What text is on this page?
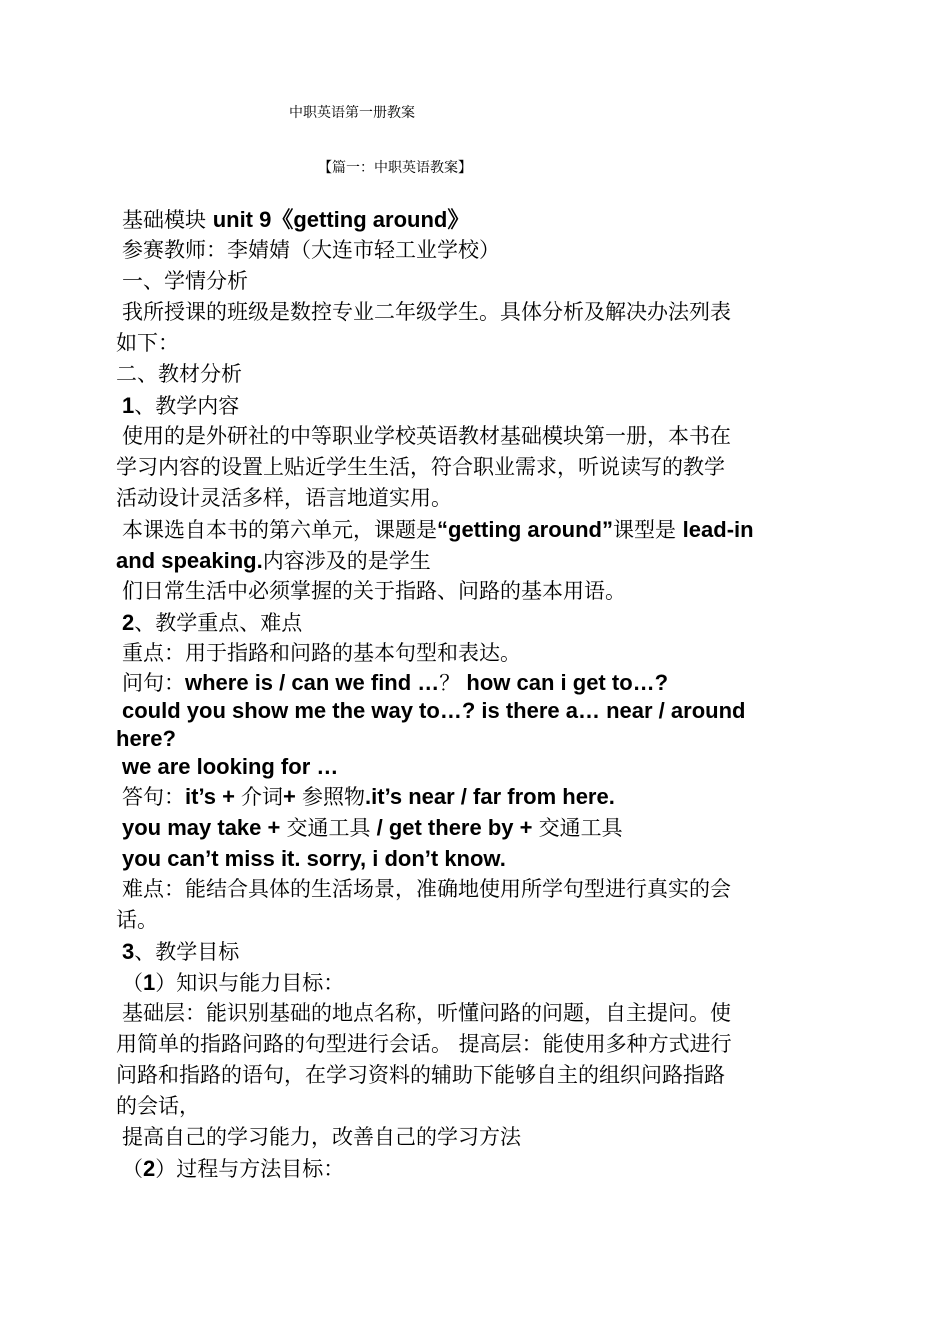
中职英语第一册教案
【篇一：中职英语教案】
基础模块 unit 9《getting around》
参赛教师：李婧婧（大连市轻工业学校）
一、学情分析
我所授课的班级是数控专业二年级学生。具体分析及解决办法列表
如下：
二、教材分析
1、教学内容
使用的是外研社的中等职业学校英语教材基础模块第一册，本书在
学习内容的设置上贴近学生生活，符合职业需求，听说读写的教学
活动设计灵活多样，语言地道实用。
本课选自本书的第六单元，课题是“getting around”课型是 lead-in
and speaking.内容涉及的是学生
们日常生活中必须掌握的关于指路、问路的基本用语。
2、教学重点、难点
重点：用于指路和问路的基本句型和表达。
问句：where is / can we find …？ how can i get to…?
could you show me the way to…? is there a… near / around
here?
we are looking for …
答句：it’s + 介词+ 参照物.it’s near / far from here.
you may take + 交通工具 / get there by + 交通工具
you can’t miss it. sorry, i don’t know.
难点：能结合具体的生活场景，准确地使用所学句型进行真实的会
话。
3、教学目标
（1）知识与能力目标：
基础层：能识别基础的地点名称，听懂问路的问题，自主提问。使
用简单的指路问路的句型进行会话。 提高层：能使用多种方式进行
问路和指路的语句，在学习资料的辅助下能够自主的组织问路指路
的会话，
提高自己的学习能力，改善自己的学习方法
（2）过程与方法目标：
